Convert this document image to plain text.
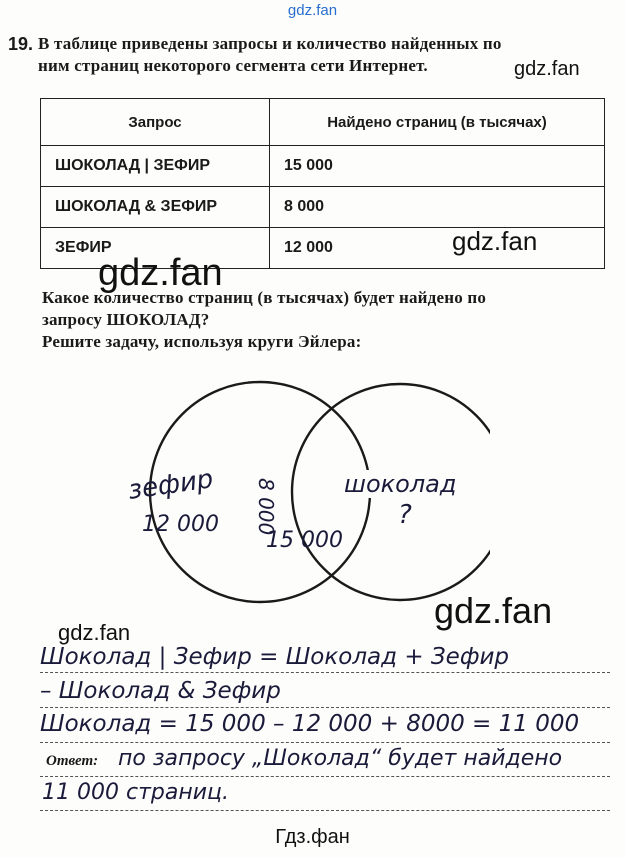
gdz.fan
gdz.fan
gdz.fan
19. В таблице приведены запросы и количество найденных по
ним страниц некоторого сегмента сети Интернет.
Запрос	Найдено страниц (в тысячах)
ШОКОЛАД | ЗЕФИР	15 000
ШОКОЛАД & ЗЕФИР	8 000
ЗЕФИР	12 000
gdz.fan
Какое количество страниц (в тысячах) будет найдено по
запросу ШОКОЛАД?
Решите задачу, используя круги Эйлера:
зефир
12 000 8 000
15 000
шоколад
?
gdz.fan
gdz.fan
Шоколад | Зефир = Шоколад + Зефир
– Шоколад & Зефир
Шоколад = 15 000 – 12 000 + 8000 = 11 000
Ответ: по запросу „Шоколад“ будет найдено
11 000 страниц.
Гдз.фан
